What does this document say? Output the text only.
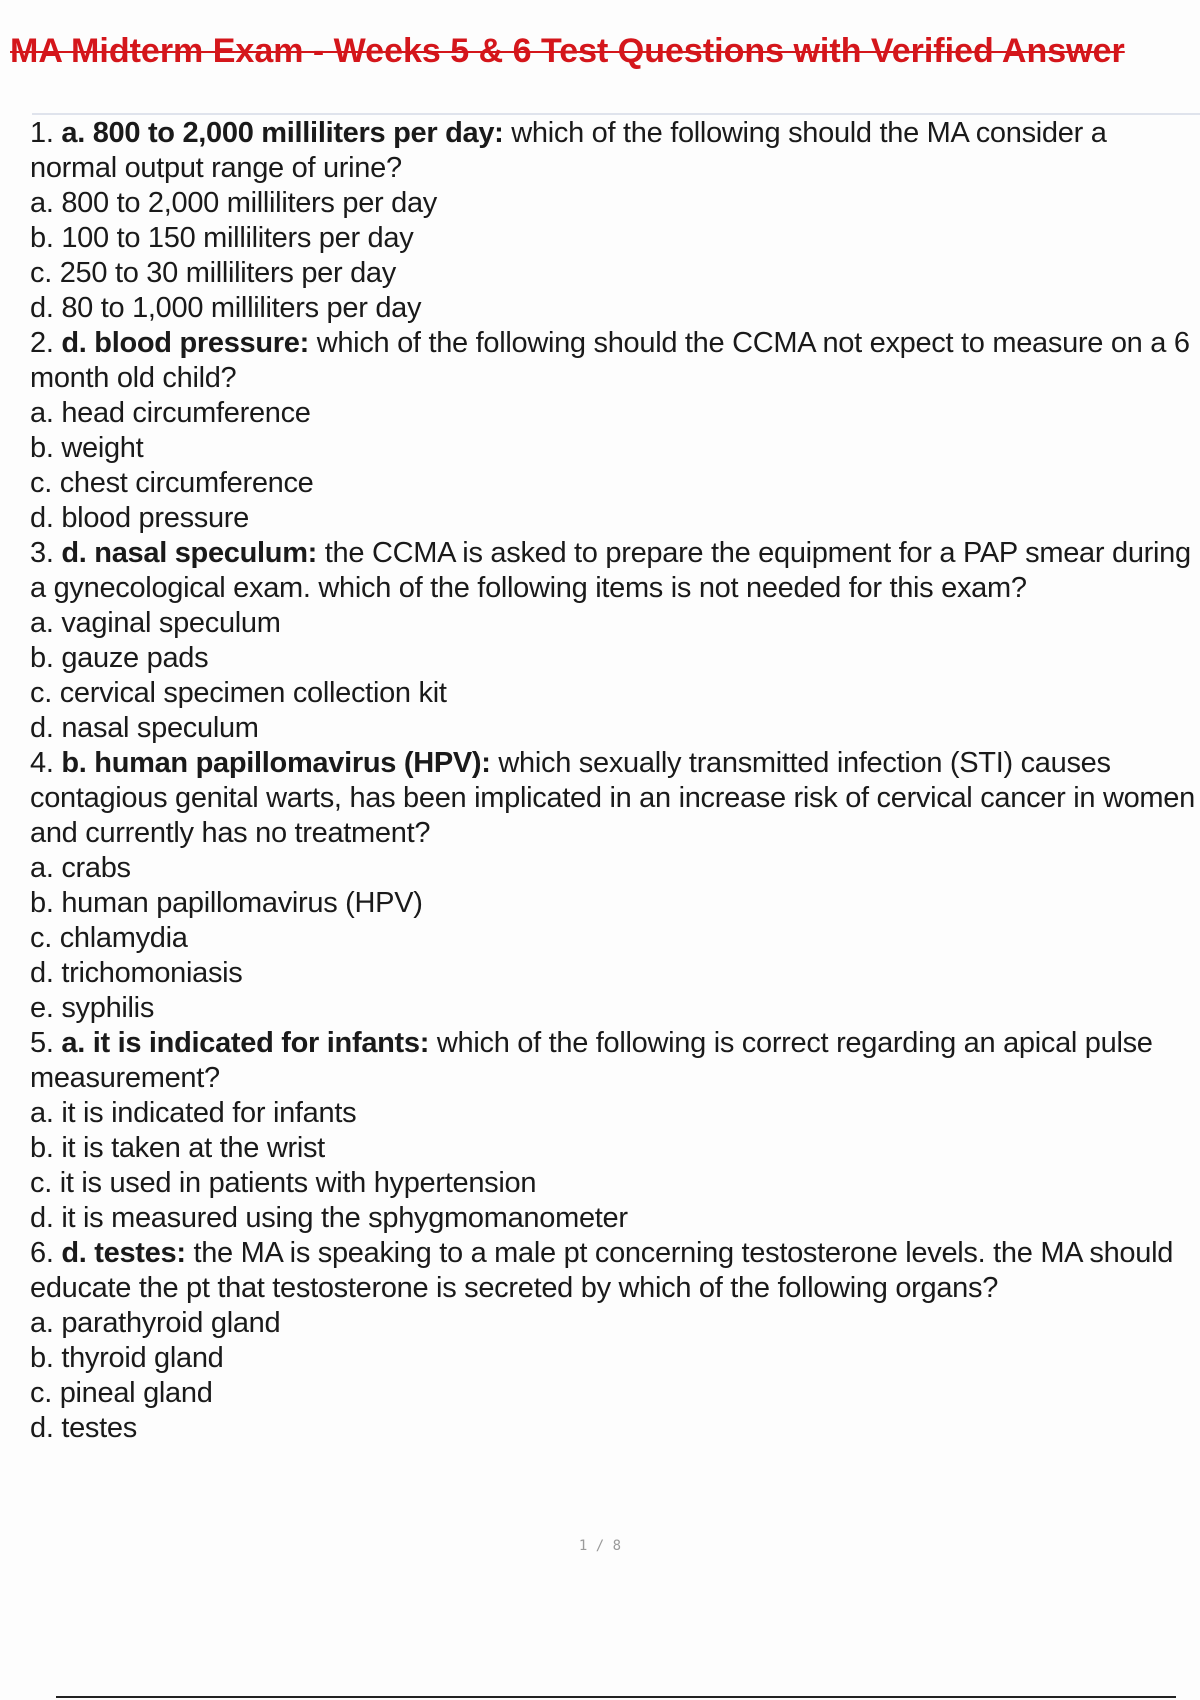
MA Midterm Exam - Weeks 5 & 6 Test Questions with Verified Answer

1. a. 800 to 2,000 milliliters per day: which of the following should the MA consider a normal output range of urine?

a. 800 to 2,000 milliliters per day
b. 100 to 150 milliliters per day
c. 250 to 30 milliliters per day
d. 80 to 1,000 milliliters per day

2. d. blood pressure: which of the following should the CCMA not expect to measure on a 6 month old child?

a. head circumference
b. weight
c. chest circumference
d. blood pressure

3. d. nasal speculum: the CCMA is asked to prepare the equipment for a PAP smear during a gynecological exam. which of the following items is not needed for this exam?

a. vaginal speculum
b. gauze pads
c. cervical specimen collection kit
d. nasal speculum

4. b. human papillomavirus (HPV): which sexually transmitted infection (STI) causes contagious genital warts, has been implicated in an increase risk of cervical cancer in women and currently has no treatment?

a. crabs
b. human papillomavirus (HPV)
c. chlamydia
d. trichomoniasis
e. syphilis

5. a. it is indicated for infants: which of the following is correct regarding an apical pulse measurement?

a. it is indicated for infants
b. it is taken at the wrist
c. it is used in patients with hypertension
d. it is measured using the sphygmomanometer

6. d. testes: the MA is speaking to a male pt concerning testosterone levels. the MA should educate the pt that testosterone is secreted by which of the following organs?

a. parathyroid gland
b. thyroid gland
c. pineal gland
d. testes
1 / 8
